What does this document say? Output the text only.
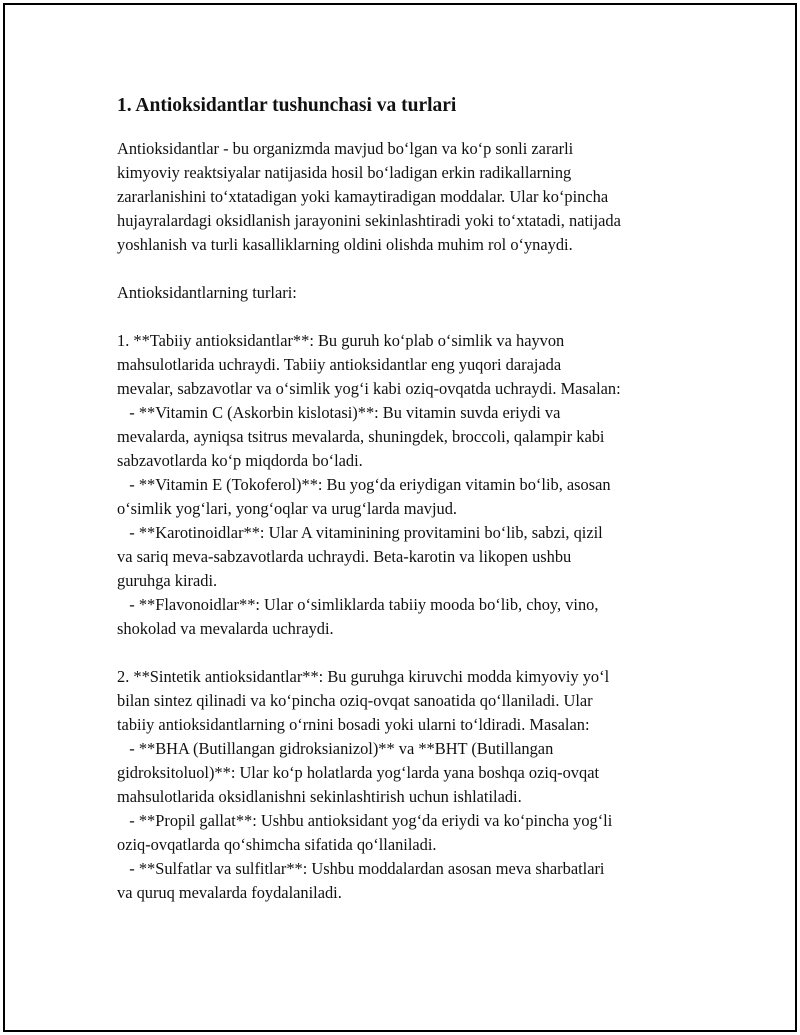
1. Antioksidantlar tushunchasi va turlari

Antioksidantlar - bu organizmda mavjud bo‘lgan va ko‘p sonli zararli
kimyoviy reaktsiyalar natijasida hosil bo‘ladigan erkin radikallarning
zararlanishini to‘xtatadigan yoki kamaytiradigan moddalar. Ular ko‘pincha
hujayralardagi oksidlanish jarayonini sekinlashtiradi yoki to‘xtatadi, natijada
yoshlanish va turli kasalliklarning oldini olishda muhim rol o‘ynaydi.

Antioksidantlarning turlari:

1. **Tabiiy antioksidantlar**: Bu guruh ko‘plab o‘simlik va hayvon
mahsulotlarida uchraydi. Tabiiy antioksidantlar eng yuqori darajada
mevalar, sabzavotlar va o‘simlik yog‘i kabi oziq-ovqatda uchraydi. Masalan:
- **Vitamin C (Askorbin kislotasi)**: Bu vitamin suvda eriydi va
mevalarda, ayniqsa tsitrus mevalarda, shuningdek, broccoli, qalampir kabi
sabzavotlarda ko‘p miqdorda bo‘ladi.
- **Vitamin E (Tokoferol)**: Bu yog‘da eriydigan vitamin bo‘lib, asosan
o‘simlik yog‘lari, yong‘oqlar va urug‘larda mavjud.
- **Karotinoidlar**: Ular A vitaminining provitamini bo‘lib, sabzi, qizil
va sariq meva-sabzavotlarda uchraydi. Beta-karotin va likopen ushbu
guruhga kiradi.
- **Flavonoidlar**: Ular o‘simliklarda tabiiy mooda bo‘lib, choy, vino,
shokolad va mevalarda uchraydi.

2. **Sintetik antioksidantlar**: Bu guruhga kiruvchi modda kimyoviy yo‘l
bilan sintez qilinadi va ko‘pincha oziq-ovqat sanoatida qo‘llaniladi. Ular
tabiiy antioksidantlarning o‘rnini bosadi yoki ularni to‘ldiradi. Masalan:
- **BHA (Butillangan gidroksianizol)** va **BHT (Butillangan
gidroksitoluol)**: Ular ko‘p holatlarda yog‘larda yana boshqa oziq-ovqat
mahsulotlarida oksidlanishni sekinlashtirish uchun ishlatiladi.
- **Propil gallat**: Ushbu antioksidant yog‘da eriydi va ko‘pincha yog‘li
oziq-ovqatlarda qo‘shimcha sifatida qo‘llaniladi.
- **Sulfatlar va sulfitlar**: Ushbu moddalardan asosan meva sharbatlari
va quruq mevalarda foydalaniladi.
